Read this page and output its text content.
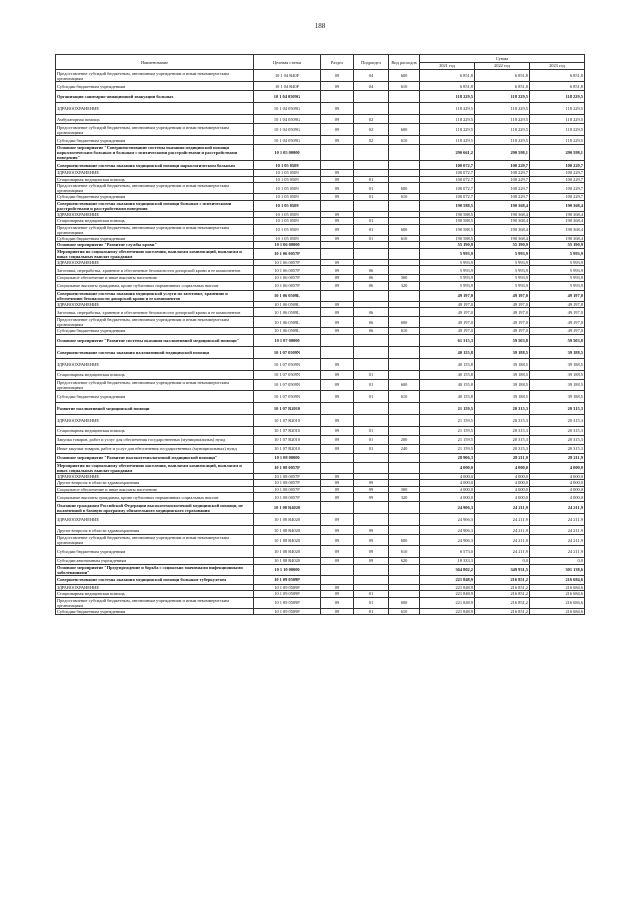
188
Наименование	Целевая статья	Раздел	Подраздел	Вид расходов	Сумма		
					2021 год	2022 год	2023 год
Предоставление субсидий бюджетным, автономным учреждениям и иным некоммерческим организациям	10 1 04 R40F	09	04	600	6 851,8	6 851,8	6 851,8
Субсидии бюджетным учреждениям	10 1 04 R40F	09	04	610	6 851,8	6 851,8	6 851,8
Организация санитарно-авиационной эвакуации больных	10 1 04 0509G				118 229,5	118 229,5	118 229,5
ЗДРАВООХРАНЕНИЕ	10 1 04 0509G	09			118 229,5	118 229,5	118 229,5
Амбулаторная помощь	10 1 04 0509G	09	02		118 229,5	118 229,5	118 229,5
Предоставление субсидий бюджетным, автономным учреждениям и иным некоммерческим организациям	10 1 04 0509G	09	02	600	118 229,5	118 229,5	118 229,5
Субсидии бюджетным учреждениям	10 1 04 0509G	09	02	610	118 229,5	118 229,5	118 229,5
Основное мероприятие "Совершенствование системы оказания медицинской помощи наркологическим больным и больным с психическими расстройствами и расстройствами поведения"	10 1 05 00000				290 661,2	290 598,1	290 598,1
Совершенствование системы оказания медицинской помощи наркологическим больным	10 1 05 0509				100 072,7	100 229,7	100 229,7
ЗДРАВООХРАНЕНИЕ	10 1 05 0509	09			100 072,7	100 229,7	100 229,7
Стационарная медицинская помощь	10 1 05 0509	09	01		100 072,7	100 229,7	100 229,7
Предоставление субсидий бюджетным, автономным учреждениям и иным некоммерческим организациям	10 1 05 0509	09	01	600	100 072,7	100 229,7	100 229,7
Субсидии бюджетным учреждениям	10 1 05 0509	09	01	610	100 072,7	100 229,7	100 229,7
Совершенствование системы оказания медицинской помощи больным с психическими расстройствами и расстройствами поведения	10 1 05 0509				190 588,5	190 368,4	190 368,4
ЗДРАВООХРАНЕНИЕ	10 1 05 0509	09			190 588,5	190 368,4	190 368,4
Стационарная медицинская помощь	10 1 05 0509	09	01		190 588,5	190 368,4	190 368,4
Предоставление субсидий бюджетным, автономным учреждениям и иным некоммерческим организациям	10 1 05 0509	09	01	600	190 588,5	190 368,4	190 368,4
Субсидии бюджетным учреждениям	10 1 05 0509	09	01	610	190 588,5	190 368,4	190 368,4
Основное мероприятие "Развитие службы крови"	10 1 06 00000				55 190,9	55 190,9	55 190,9
Мероприятия по социальному обеспечению населения, выплатам компенсаций, выплатам и иных социальных выплат гражданам	10 1 06 0057Р				5 993,9	5 993,9	5 993,9
ЗДРАВООХРАНЕНИЕ	10 1 06 0057Р	09			5 993,9	5 993,9	5 993,9
Заготовка, переработка, хранение и обеспечение безопасности донорской крови и ее компонентов	10 1 06 0057Р	09	06		5 993,9	5 993,9	5 993,9
Социальное обеспечение и иные выплаты населению	10 1 06 0057Р	09	06	300	5 993,9	5 993,9	5 993,9
Социальные выплаты гражданам, кроме публичных нормативных социальных выплат	10 1 06 0057Р	09	06	320	5 993,9	5 993,9	5 993,9
Совершенствование системы оказания медицинской услуги по заготовке, хранению и обеспечению безопасности донорской крови и ее компонентов	10 1 06 0509L				49 197,0	49 197,0	49 197,0
ЗДРАВООХРАНЕНИЕ	10 1 06 0509L	09			49 197,0	49 197,0	49 197,0
Заготовка, переработка, хранение и обеспечение безопасности донорской крови и ее компонентов	10 1 06 0509L	09	06		49 197,0	49 197,0	49 197,0
Предоставление субсидий бюджетным, автономным учреждениям и иным некоммерческим организациям	10 1 06 0509L	09	06	600	49 197,0	49 197,0	49 197,0
Субсидии бюджетным учреждениям	10 1 06 0509L	09	06	610	49 197,0	49 197,0	49 197,0
Основное мероприятие "Развитие системы оказания паллиативной медицинской помощи"	10 1 07 00000				61 315,3	59 503,8	59 503,8
Совершенствование системы оказания паллиативной медицинской помощи	10 1 07 0509N				40 155,8	39 188,5	39 188,5
ЗДРАВООХРАНЕНИЕ	10 1 07 0509N	09			40 155,8	39 188,5	39 188,5
Стационарная медицинская помощь	10 1 07 0509N	09	01		40 155,8	39 188,5	39 188,5
Предоставление субсидий бюджетным, автономным учреждениям и иным некоммерческим организациям	10 1 07 0509N	09	01	600	40 155,8	39 188,5	39 188,5
Субсидии бюджетным учреждениям	10 1 07 0509N	09	01	610	40 155,8	39 188,5	39 188,5
Развитие паллиативной медицинской помощи	10 1 07 R2010				21 159,5	20 315,3	20 315,3
ЗДРАВООХРАНЕНИЕ	10 1 07 R2010	09			21 159,5	20 315,3	20 315,3
Стационарная медицинская помощь	10 1 07 R2010	09	01		21 159,5	20 315,3	20 315,3
Закупка товаров, работ и услуг для обеспечения государственных (муниципальных) нужд	10 1 07 R2010	09	01	200	21 159,5	20 315,3	20 315,3
Иные закупки товаров, работ и услуг для обеспечения государственных (муниципальных) нужд	10 1 07 R2010	09	01	240	21 159,5	20 315,3	20 315,3
Основное мероприятие "Развитие высокотехнологичной медицинской помощи"	10 1 08 00000				28 906,3	28 211,9	28 211,9
Мероприятия по социальному обеспечению населения, выплатам компенсаций, выплатам и иных социальных выплат гражданам	10 1 08 0057Р				4 000,0	4 000,0	4 000,0
ЗДРАВООХРАНЕНИЕ	10 1 08 0057Р	09			4 000,0	4 000,0	4 000,0
Другие вопросы в области здравоохранения	10 1 08 0057Р	09	09		4 000,0	4 000,0	4 000,0
Социальное обеспечение и иные выплаты населению	10 1 08 0057Р	09	09	300	4 000,0	4 000,0	4 000,0
Социальные выплаты гражданам, кроме публичных нормативных социальных выплат	10 1 08 0057Р	09	09	320	4 000,0	4 000,0	4 000,0
Оказание гражданам Российской Федерации высокотехнологичной медицинской помощи, не включенной в базовую программу обязательного медицинского страхования	10 1 08 R4020				24 906,3	24 211,9	24 211,9
ЗДРАВООХРАНЕНИЕ	10 1 08 R4020	09			24 906,3	24 211,9	24 211,9
Другие вопросы в области здравоохранения	10 1 08 R4020	09	09		24 906,3	24 211,9	24 211,9
Предоставление субсидий бюджетным, автономным учреждениям и иным некоммерческим организациям	10 1 08 R4020	09	09	600	24 906,3	24 211,9	24 211,9
Субсидии бюджетным учреждениям	10 1 08 R4020	09	09	610	6 573,0	24 211,9	24 211,9
Субсидии автономным учреждениям	10 1 08 R4020	09	09	620	18 333,3	0,0	0,0
Основное мероприятие "Предупреждение и борьба с социально значимыми инфекционными заболеваниями"	10 1 10 00000				364 802,2	349 931,5	301 138,6
Совершенствование системы оказания медицинской помощи больным туберкулезом	10 1 09 0509Р				221 848,9	216 851,2	216 684,6
ЗДРАВООХРАНЕНИЕ	10 1 09 0509Р	09			221 848,9	216 851,2	216 684,6
Стационарная медицинская помощь	10 1 09 0509Р	09	01		221 848,9	216 851,2	216 684,6
Предоставление субсидий бюджетным, автономным учреждениям и иным некоммерческим организациям	10 1 09 0509Р	09	01	600	221 848,9	216 851,2	216 684,6
Субсидии бюджетным учреждениям	10 1 09 0509Р	09	01	610	221 848,9	216 851,2	216 684,6
